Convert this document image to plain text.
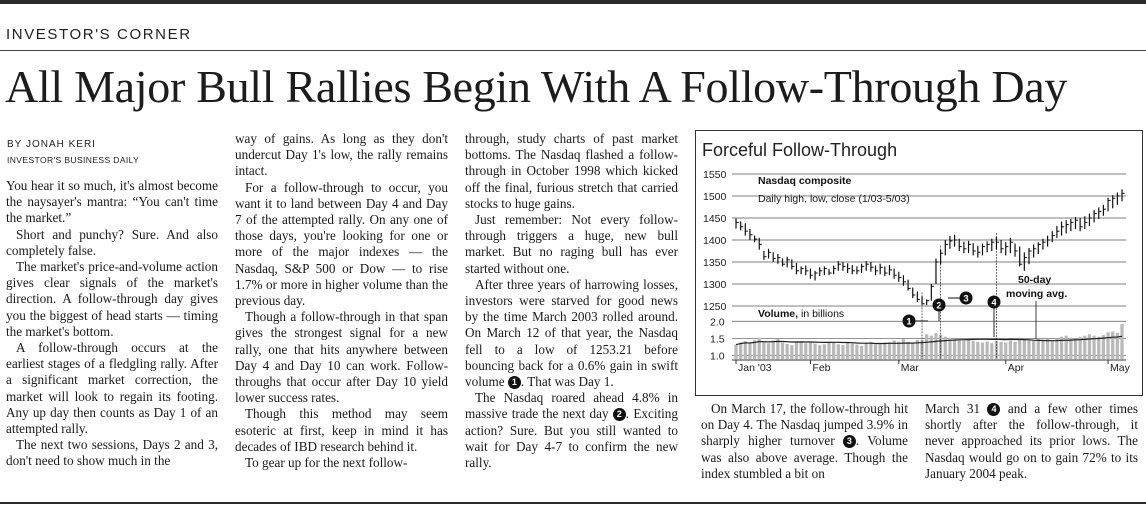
INVESTOR'S CORNER
All Major Bull Rallies Begin With A Follow-Through Day
BY JONAH KERI
INVESTOR'S BUSINESS DAILY

You hear it so much, it's almost become the naysayer's mantra: “You can't time the market.”

Short and punchy? Sure. And also completely false.

The market's price-and-volume action gives clear signals of the market's direction. A follow-through day gives you the biggest of head starts — timing the market's bottom.

A follow-through occurs at the earliest stages of a fledgling rally. After a significant market correction, the market will look to regain its footing. Any up day then counts as Day 1 of an attempted rally.

The next two sessions, Days 2 and 3, don't need to show much in the

way of gains. As long as they don't undercut Day 1's low, the rally remains intact.

For a follow-through to occur, you want it to land between Day 4 and Day 7 of the attempted rally. On any one of those days, you're looking for one or more of the major indexes — the Nasdaq, S&P 500 or Dow — to rise 1.7% or more in higher volume than the previous day.

Though a follow-through in that span gives the strongest signal for a new rally, one that hits anywhere between Day 4 and Day 10 can work. Follow-throughs that occur after Day 10 yield lower success rates.

Though this method may seem esoteric at first, keep in mind it has decades of IBD research behind it.

To gear up for the next follow-

through, study charts of past market bottoms. The Nasdaq flashed a follow-through in October 1998 which kicked off the final, furious stretch that carried stocks to huge gains.

Just remember: Not every follow-through triggers a huge, new bull market. But no raging bull has ever started without one.

After three years of harrowing losses, investors were starved for good news by the time March 2003 rolled around. On March 12 of that year, the Nasdaq fell to a low of 1253.21 before bouncing back for a 0.6% gain in swift volume 1 . That was Day 1.

The Nasdaq roared ahead 4.8% in massive trade the next day 2 . Exciting action? Sure. But you still wanted to wait for Day 4-7 to confirm the new rally.

On March 17, the follow-through hit on Day 4. The Nasdaq jumped 3.9% in sharply higher turnover 3 . Volume was also above average. Though the index stumbled a bit on

March 31 4 and a few other times shortly after the follow-through, it never approached its prior lows. The Nasdaq would go on to gain 72% to its January 2004 peak.

Forceful Follow-Through
1250
1300
1350
1400
1450
1500
1550
1.0
1.5
2.0
Jan '03	Feb	Mar	Apr	May
Nasdaq composite
Daily high, low, close (1/03-5/03)
Volume, in billions
50-day
moving avg.
1
2
3 4
